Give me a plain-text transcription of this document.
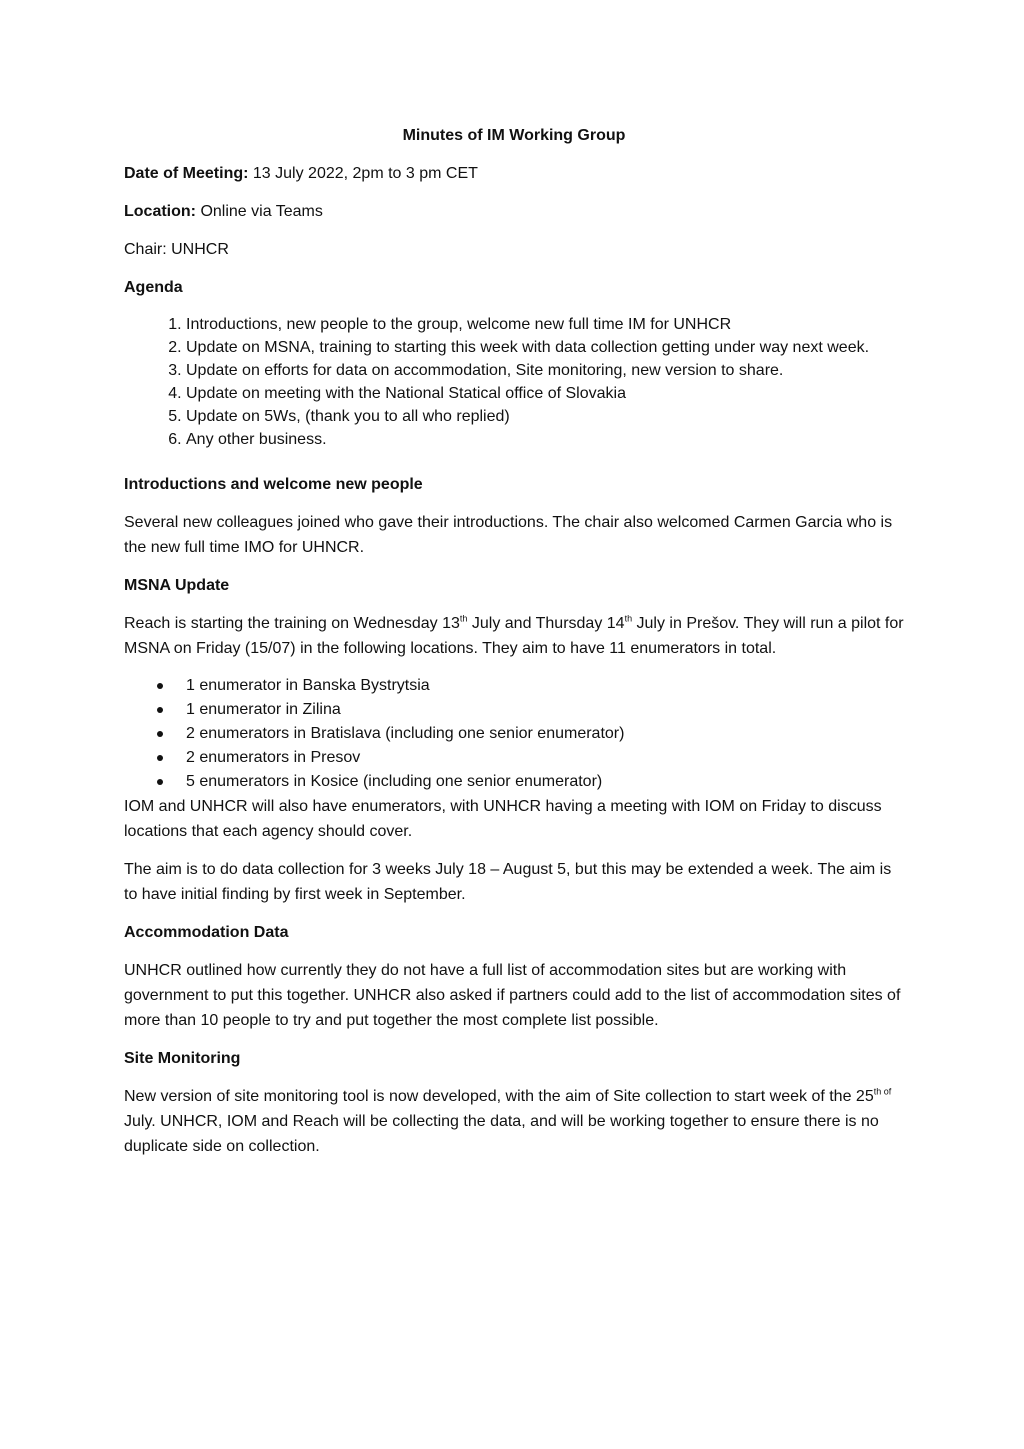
Minutes of IM Working Group

Date of Meeting: 13 July 2022, 2pm to 3 pm CET

Location: Online via Teams

Chair: UNHCR

Agenda
1. Introductions, new people to the group, welcome new full time IM for UNHCR
2. Update on MSNA, training to starting this week with data collection getting under way next week.
3. Update on efforts for data on accommodation, Site monitoring, new version to share.
4. Update on meeting with the National Statical office of Slovakia
5. Update on 5Ws, (thank you to all who replied)
6. Any other business.
Introductions and welcome new people

Several new colleagues joined who gave their introductions. The chair also welcomed Carmen Garcia who is the new full time IMO for UHNCR.

MSNA Update

Reach is starting the training on Wednesday 13th July and Thursday 14th July in Prešov. They will run a pilot for MSNA on Friday (15/07) in the following locations. They aim to have 11 enumerators in total.

1 enumerator in Banska Bystrytsia
1 enumerator in Zilina
2 enumerators in Bratislava (including one senior enumerator)
2 enumerators in Presov
5 enumerators in Kosice (including one senior enumerator)

IOM and UNHCR will also have enumerators, with UNHCR having a meeting with IOM on Friday to discuss locations that each agency should cover.

The aim is to do data collection for 3 weeks July 18 – August 5, but this may be extended a week. The aim is to have initial finding by first week in September.

Accommodation Data

UNHCR outlined how currently they do not have a full list of accommodation sites but are working with government to put this together. UNHCR also asked if partners could add to the list of accommodation sites of more than 10 people to try and put together the most complete list possible.

Site Monitoring

New version of site monitoring tool is now developed, with the aim of Site collection to start week of the $25^{th of}$ July. UNHCR, IOM and Reach will be collecting the data, and will be working together to ensure there is no duplicate side on collection.
